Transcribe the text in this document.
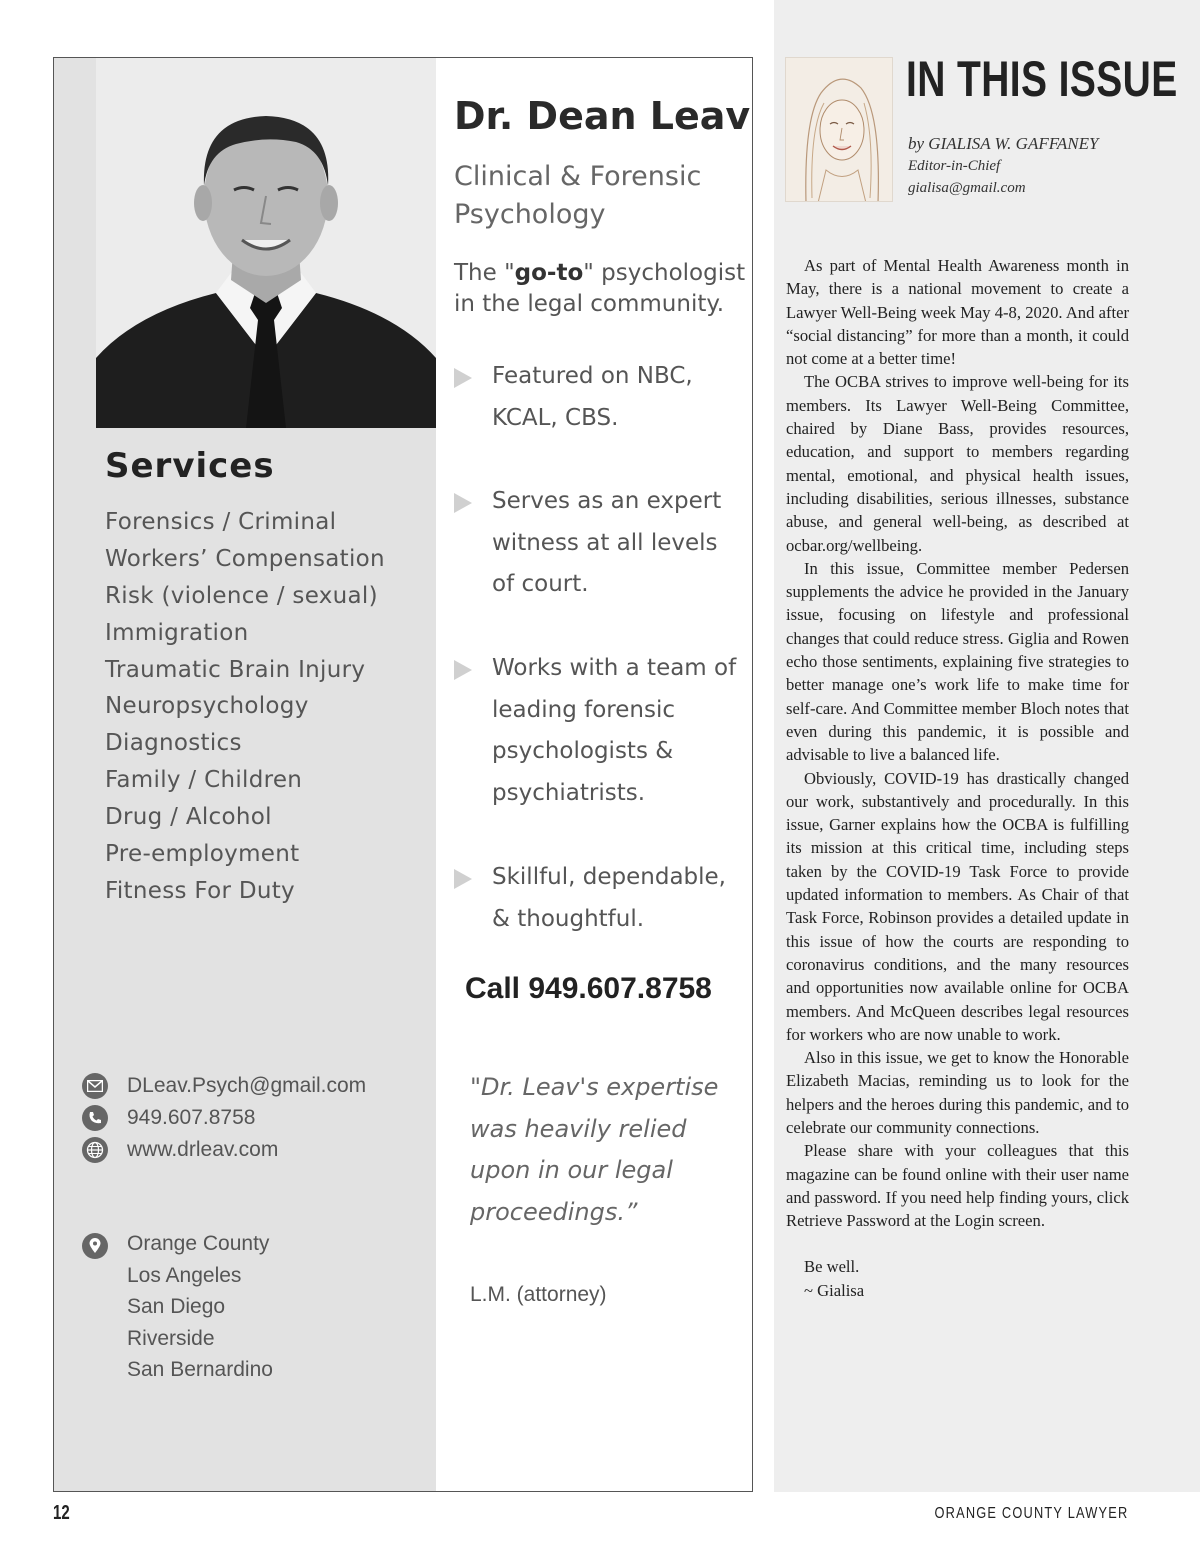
Services
Forensics / Criminal
Workers’ Compensation
Risk (violence / sexual)
Immigration
Traumatic Brain Injury
Neuropsychology
Diagnostics
Family / Children
Drug / Alcohol
Pre-employment
Fitness For Duty
DLeav.Psych@gmail.com
949.607.8758
www.drleav.com
Orange County
Los Angeles
San Diego
Riverside
San Bernardino
Dr. Dean Leav
Clinical & Forensic Psychology
The "go-to" psychologist in the legal community.
Featured on NBC, KCAL, CBS.
Serves as an expert witness at all levels of court.
Works with a team of leading forensic psychologists & psychiatrists.
Skillful, dependable, & thoughtful.
Call 949.607.8758
"Dr. Leav's expertise was heavily relied upon in our legal proceedings.”
L.M. (attorney)
IN THIS ISSUE
by GIALISA W. GAFFANEY
Editor-in-Chief
gialisa@gmail.com

As part of Mental Health Awareness month in May, there is a national movement to create a Lawyer Well-Being week May 4-8, 2020. And after “social distancing” for more than a month, it could not come at a better time!

The OCBA strives to improve well-being for its members. Its Lawyer Well-Being Committee, chaired by Diane Bass, provides resources, education, and support to members regarding mental, emotional, and physical health issues, including disabilities, serious illnesses, substance abuse, and general well-being, as described at ocbar.org/wellbeing.

In this issue, Committee member Pedersen supplements the advice he provided in the January issue, focusing on lifestyle and professional changes that could reduce stress. Giglia and Rowen echo those sentiments, explaining five strategies to better manage one’s work life to make time for self-care. And Committee member Bloch notes that even during this pandemic, it is possible and advisable to live a balanced life.

Obviously, COVID-19 has drastically changed our work, substantively and procedurally. In this issue, Garner explains how the OCBA is fulfilling its mission at this critical time, including steps taken by the COVID-19 Task Force to provide updated information to members. As Chair of that Task Force, Robinson provides a detailed update in this issue of how the courts are responding to coronavirus conditions, and the many resources and opportunities now available online for OCBA members. And McQueen describes legal resources for workers who are now unable to work.

Also in this issue, we get to know the Honorable Elizabeth Macias, reminding us to look for the helpers and the heroes during this pandemic, and to celebrate our community connections.

Please share with your colleagues that this magazine can be found online with their user name and password. If you need help finding yours, click Retrieve Password at the Login screen.

Be well.
~ Gialisa
12	ORANGE COUNTY LAWYER
